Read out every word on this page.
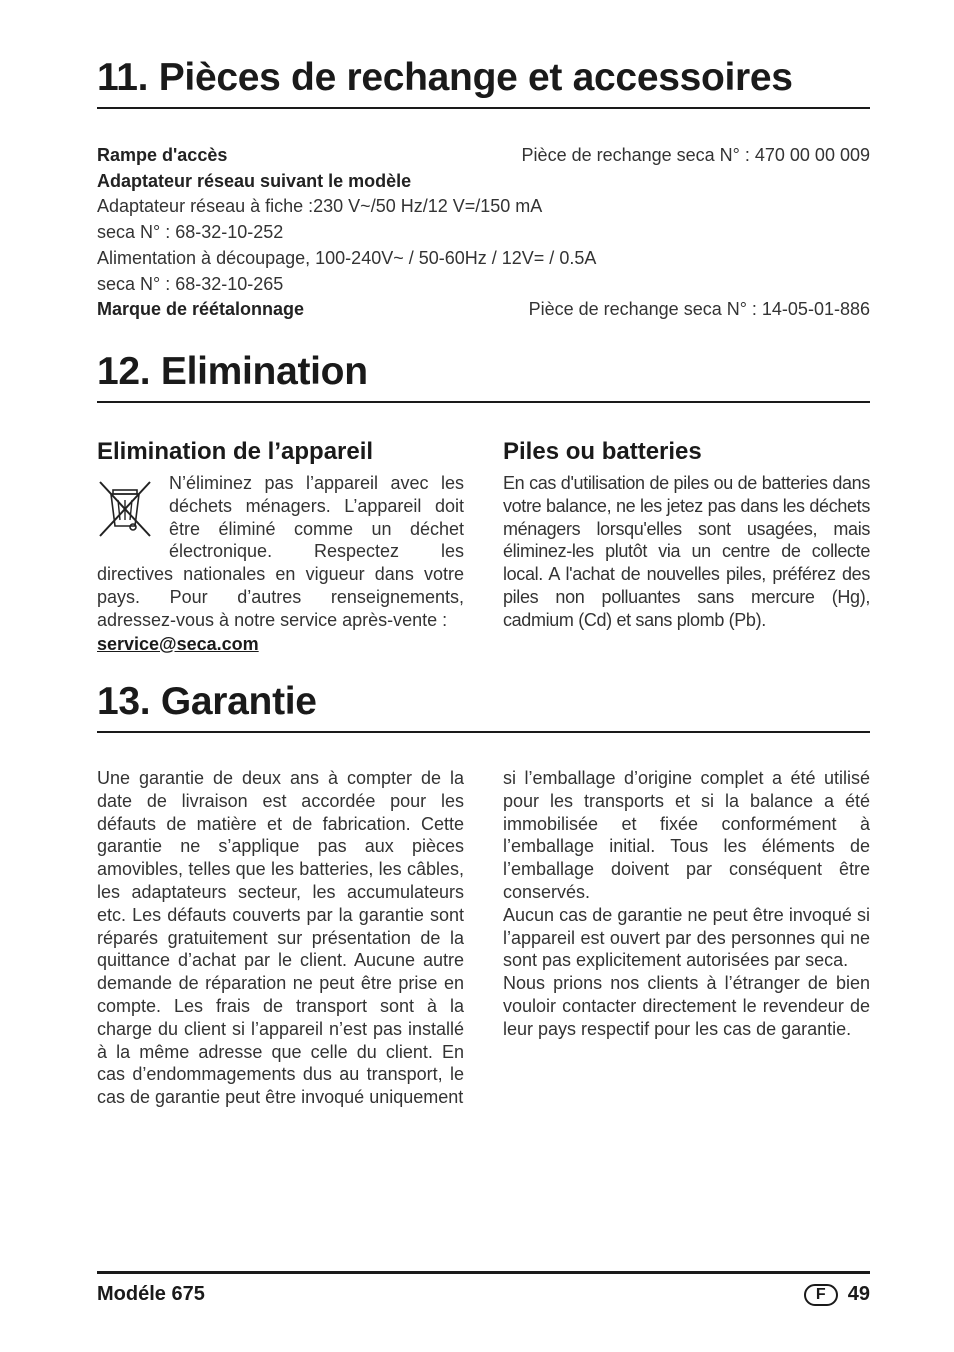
11. Pièces de rechange et accessoires
Rampe d'accès	Pièce de rechange seca N° : 470 00 00 009
Adaptateur réseau suivant le modèle
Adaptateur réseau à fiche :230 V~/50 Hz/12 V=/150 mA
seca N° : 68-32-10-252
Alimentation à découpage, 100-240V~ / 50-60Hz / 12V= / 0.5A
seca N° : 68-32-10-265
Marque de réétalonnage	Pièce de rechange seca N° : 14-05-01-886
12. Elimination
Elimination de l’appareil

N’éliminez pas l’appareil avec les déchets ménagers. L’appareil doit être éliminé comme un déchet électronique. Respectez les directives nationales en vigueur dans votre pays. Pour d’autres renseignements, adressez-vous à notre service après-vente :

service@seca.com
Piles ou batteries

En cas d'utilisation de piles ou de batteries dans votre balance, ne les jetez pas dans les déchets ménagers lorsqu'elles sont usagées, mais éliminez-les plutôt via un centre de collecte local. A l'achat de nouvelles piles, préférez des piles non polluantes sans mercure (Hg), cadmium (Cd) et sans plomb (Pb).

13. Garantie

Une garantie de deux ans à compter de la date de livraison est accordée pour les défauts de matière et de fabrication. Cette garantie ne s’applique pas aux pièces amovibles, telles que les batteries, les câbles, les adaptateurs secteur, les accumulateurs etc. Les défauts couverts par la garantie sont réparés gratuitement sur présentation de la quittance d’achat par le client. Aucune autre demande de réparation ne peut être prise en compte. Les frais de transport sont à la charge du client si l’appareil n’est pas installé à la même adresse que celle du client. En cas d’endommagements dus au transport, le cas de garantie peut être invoqué uniquement

si l’emballage d’origine complet a été utilisé pour les transports et si la balance a été immobilisée et fixée conformément à l’emballage initial. Tous les éléments de l’emballage doivent par conséquent être conservés.

Aucun cas de garantie ne peut être invoqué si l’appareil est ouvert par des personnes qui ne sont pas explicitement autorisées par seca.

Nous prions nos clients à l’étranger de bien vouloir contacter directement le revendeur de leur pays respectif pour les cas de garantie.

Modéle 675	F	49
